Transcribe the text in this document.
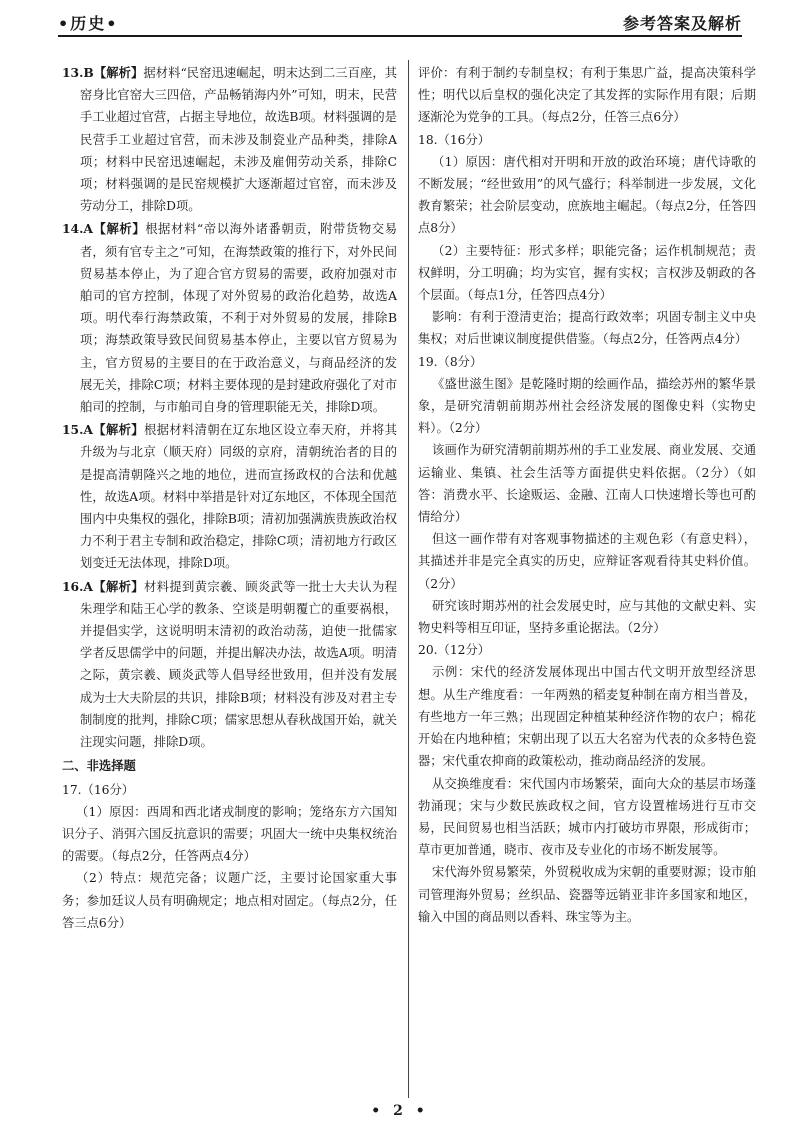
•历史•	参考答案及解析
13.B【解析】据材料“民窑迅速崛起，明末达到二三百座，其窑身比官窑大三四倍，产品畅销海内外”可知，明末，民营手工业超过官营，占据主导地位，故选B项。材料强调的是民营手工业超过官营，而未涉及制瓷业产品种类，排除A项；材料中民窑迅速崛起，未涉及雇佣劳动关系，排除C项；材料强调的是民窑规模扩大逐渐超过官窑，而未涉及劳动分工，排除D项。
14.A【解析】根据材料“帝以海外诸番朝贡，附带货物交易者，须有官专主之”可知，在海禁政策的推行下，对外民间贸易基本停止，为了迎合官方贸易的需要，政府加强对市舶司的官方控制，体现了对外贸易的政治化趋势，故选A项。明代奉行海禁政策，不利于对外贸易的发展，排除B项；海禁政策导致民间贸易基本停止，主要以官方贸易为主，官方贸易的主要目的在于政治意义，与商品经济的发展无关，排除C项；材料主要体现的是封建政府强化了对市舶司的控制，与市舶司自身的管理职能无关，排除D项。
15.A【解析】根据材料清朝在辽东地区设立奉天府，并将其升级为与北京（顺天府）同级的京府，清朝统治者的目的是提高清朝隆兴之地的地位，进而宣扬政权的合法和优越性，故选A项。材料中举措是针对辽东地区，不体现全国范围内中央集权的强化，排除B项；清初加强满族贵族政治权力不利于君主专制和政治稳定，排除C项；清初地方行政区划变迁无法体现，排除D项。
16.A【解析】材料提到黄宗羲、顾炎武等一批士大夫认为程朱理学和陆王心学的教条、空谈是明朝覆亡的重要祸根，并提倡实学，这说明明末清初的政治动荡，迫使一批儒家学者反思儒学中的问题，并提出解决办法，故选A项。明清之际，黄宗羲、顾炎武等人倡导经世致用，但并没有发展成为士大夫阶层的共识，排除B项；材料没有涉及对君主专制制度的批判，排除C项；儒家思想从春秋战国开始，就关注现实问题，排除D项。
二、非选择题
17.（16分）
（1）原因：西周和西北诸戎制度的影响；笼络东方六国知识分子、消弭六国反抗意识的需要；巩固大一统中央集权统治的需要。（每点2分，任答两点4分）
（2）特点：规范完备；议题广泛，主要讨论国家重大事务；参加廷议人员有明确规定；地点相对固定。（每点2分，任答三点6分）
评价：有利于制约专制皇权；有利于集思广益，提高决策科学性；明代以后皇权的强化决定了其发挥的实际作用有限；后期逐渐沦为党争的工具。（每点2分，任答三点6分）
18.（16分）
（1）原因：唐代相对开明和开放的政治环境；唐代诗歌的不断发展；“经世致用”的风气盛行；科举制进一步发展，文化教育繁荣；社会阶层变动，庶族地主崛起。（每点2分，任答四点8分）
（2）主要特征：形式多样；职能完备；运作机制规范；责权鲜明，分工明确；均为实官，握有实权；言权涉及朝政的各个层面。（每点1分，任答四点4分）
影响：有利于澄清吏治；提高行政效率；巩固专制主义中央集权；对后世谏议制度提供借鉴。（每点2分，任答两点4分）
19.（8分）
《盛世滋生图》是乾隆时期的绘画作品，描绘苏州的繁华景象，是研究清朝前期苏州社会经济发展的图像史料（实物史料）。（2分）
该画作为研究清朝前期苏州的手工业发展、商业发展、交通运输业、集镇、社会生活等方面提供史料依据。（2分）（如答：消费水平、长途贩运、金融、江南人口快速增长等也可酌情给分）
但这一画作带有对客观事物描述的主观色彩（有意史料），其描述并非是完全真实的历史，应辩证客观看待其史料价值。（2分）
研究该时期苏州的社会发展史时，应与其他的文献史料、实物史料等相互印证，坚持多重论据法。（2分）
20.（12分）
示例：宋代的经济发展体现出中国古代文明开放型经济思想。从生产维度看：一年两熟的稻麦复种制在南方相当普及，有些地方一年三熟；出现固定种植某种经济作物的农户；棉花开始在内地种植；宋朝出现了以五大名窑为代表的众多特色瓷器；宋代重农抑商的政策松动，推动商品经济的发展。
从交换维度看：宋代国内市场繁荣，面向大众的基层市场蓬勃涌现；宋与少数民族政权之间，官方设置榷场进行互市交易，民间贸易也相当活跃；城市内打破坊市界限，形成街市；草市更加普通，晓市、夜市及专业化的市场不断发展等。
宋代海外贸易繁荣，外贸税收成为宋朝的重要财源；设市舶司管理海外贸易；丝织品、瓷器等远销亚非许多国家和地区，输入中国的商品则以香料、珠宝等为主。
• 2 •
